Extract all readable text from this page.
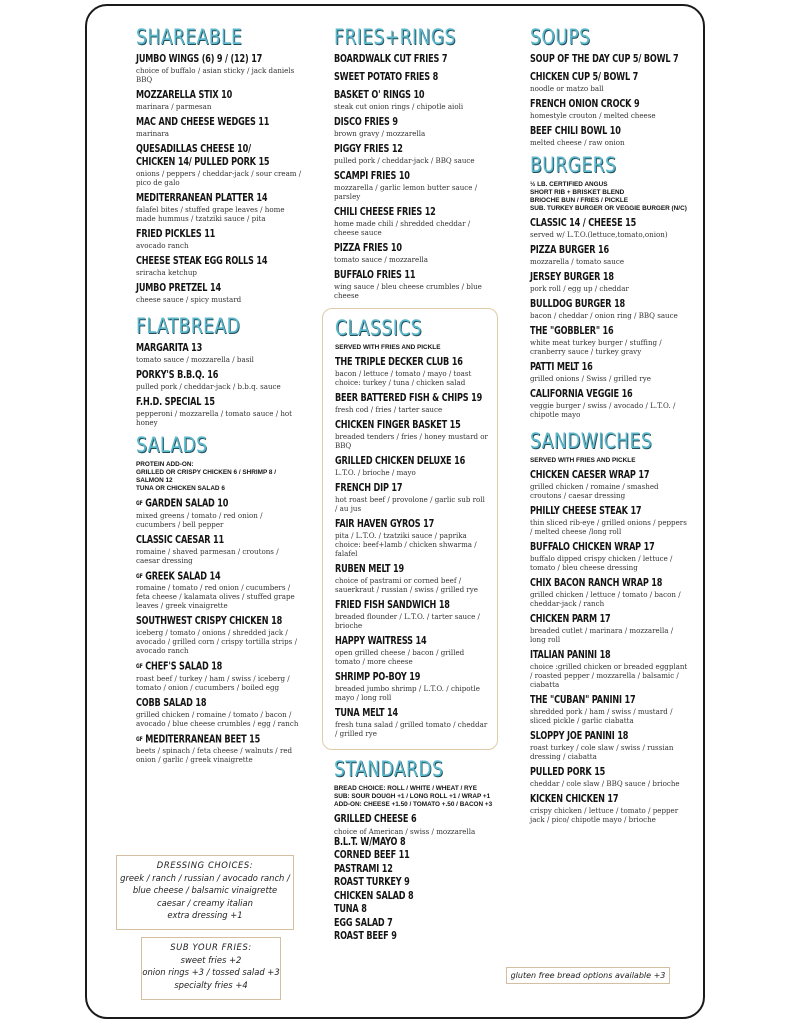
SHAREABLE
JUMBO WINGS (6) 9 / (12) 17
choice of buffalo / asian sticky / jack daniels BBQ
MOZZARELLA STIX 10
marinara / parmesan
MAC AND CHEESE WEDGES 11
marinara
QUESADILLAS CHEESE 10/
CHICKEN 14/ PULLED PORK 15
onions / peppers / cheddar-jack / sour cream / pico de galo
MEDITERRANEAN PLATTER 14
falafel bites / stuffed grape leaves / home made hummus / tzatziki sauce / pita
FRIED PICKLES 11
avocado ranch
CHEESE STEAK EGG ROLLS 14
sriracha ketchup
JUMBO PRETZEL 14
cheese sauce / spicy mustard
FLATBREAD
MARGARITA 13
tomato sauce / mozzarella / basil
PORKY'S B.B.Q. 16
pulled pork / cheddar-jack / b.b.q. sauce
F.H.D. SPECIAL 15
pepperoni / mozzarella / tomato sauce / hot honey
SALADS
PROTEIN ADD-ON:
GRILLED OR CRISPY CHICKEN 6 / SHRIMP 8 / SALMON 12
TUNA OR CHICKEN SALAD 6
GF GARDEN SALAD 10
mixed greens / tomato / red onion / cucumbers / bell pepper
CLASSIC CAESAR 11
romaine / shaved parmesan / croutons / caesar dressing
GF GREEK SALAD 14
romaine / tomato / red onion / cucumbers / feta cheese / kalamata olives / stuffed grape leaves / greek vinaigrette
SOUTHWEST CRISPY CHICKEN 18
iceberg / tomato / onions / shredded jack / avocado / grilled corn / crispy tortilla strips / avocado ranch
GF CHEF'S SALAD 18
roast beef / turkey / ham / swiss / iceberg / tomato / onion / cucumbers / boiled egg
COBB SALAD 18
grilled chicken / romaine / tomato / bacon / avocado / blue cheese crumbles / egg / ranch
GF MEDITERRANEAN BEET 15
beets / spinach / feta cheese / walnuts / red onion / garlic / greek vinaigrette
DRESSING CHOICES:
greek / ranch / russian / avocado ranch /
blue cheese / balsamic vinaigrette
caesar / creamy italian
extra dressing +1
SUB YOUR FRIES:
sweet fries +2
onion rings +3 / tossed salad +3
specialty fries +4
FRIES+RINGS
BOARDWALK CUT FRIES 7
SWEET POTATO FRIES 8
BASKET O' RINGS 10
steak cut onion rings / chipotle aioli
DISCO FRIES 9
brown gravy / mozzarella
PIGGY FRIES 12
pulled pork / cheddar-jack / BBQ sauce
SCAMPI FRIES 10
mozzarella / garlic lemon butter sauce / parsley
CHILI CHEESE FRIES 12
home made chili / shredded cheddar / cheese sauce
PIZZA FRIES 10
tomato sauce / mozzarella
BUFFALO FRIES 11
wing sauce / bleu cheese crumbles / blue cheese
CLASSICS
SERVED WITH FRIES AND PICKLE
THE TRIPLE DECKER CLUB 16
bacon / lettuce / tomato / mayo / toast choice: turkey / tuna / chicken salad
BEER BATTERED FISH & CHIPS 19
fresh cod / fries / tarter sauce
CHICKEN FINGER BASKET 15
breaded tenders / fries / honey mustard or BBQ
GRILLED CHICKEN DELUXE 16
L.T.O. / brioche / mayo
FRENCH DIP 17
hot roast beef / provolone / garlic sub roll / au jus
FAIR HAVEN GYROS 17
pita / L.T.O. / tzatziki sauce / paprika choice: beef+lamb / chicken shwarma / falafel
RUBEN MELT 19
choice of pastrami or corned beef / sauerkraut / russian / swiss / grilled rye
FRIED FISH SANDWICH 18
breaded flounder / L.T.O. / tarter sauce / brioche
HAPPY WAITRESS 14
open grilled cheese / bacon / grilled tomato / more cheese
SHRIMP PO-BOY 19
breaded jumbo shrimp / L.T.O. / chipotle mayo / long roll
TUNA MELT 14
fresh tuna salad / grilled tomato / cheddar / grilled rye
STANDARDS
BREAD CHOICE: ROLL / WHITE / WHEAT / RYE
SUB: SOUR DOUGH +1 / LONG ROLL +1 / WRAP +1
ADD-ON: CHEESE +1.50 / TOMATO +.50 / BACON +3
GRILLED CHEESE 6
choice of American / swiss / mozzarella
B.L.T. W/MAYO 8
CORNED BEEF 11
PASTRAMI 12
ROAST TURKEY 9
CHICKEN SALAD 8
TUNA 8
EGG SALAD 7
ROAST BEEF 9
SOUPS
SOUP OF THE DAY CUP 5/ BOWL 7
CHICKEN CUP 5/ BOWL 7
noodle or matzo ball
FRENCH ONION CROCK 9
homestyle crouton / melted cheese
BEEF CHILI BOWL 10
melted cheese / raw onion
BURGERS
½ LB. CERTIFIED ANGUS
SHORT RIB + BRISKET BLEND
BRIOCHE BUN / FRIES / PICKLE
SUB. TURKEY BURGER OR VEGGIE BURGER (N/C)
CLASSIC 14 / CHEESE 15
served w/ L.T.O.(lettuce,tomato,onion)
PIZZA BURGER 16
mozzarella / tomato sauce
JERSEY BURGER 18
pork roll / egg up / cheddar
BULLDOG BURGER 18
bacon / cheddar / onion ring / BBQ sauce
THE "GOBBLER" 16
white meat turkey burger / stuffing / cranberry sauce / turkey gravy
PATTI MELT 16
grilled onions / Swiss / grilled rye
CALIFORNIA VEGGIE 16
veggie burger / swiss / avocado / L.T.O. / chipotle mayo
SANDWICHES
SERVED WITH FRIES AND PICKLE
CHICKEN CAESER WRAP 17
grilled chicken / romaine / smashed croutons / caesar dressing
PHILLY CHEESE STEAK 17
thin sliced rib-eye / grilled onions / peppers / melted cheese /long roll
BUFFALO CHICKEN WRAP 17
buffalo dipped crispy chicken / lettuce / tomato / bleu cheese dressing
CHIX BACON RANCH WRAP 18
grilled chicken / lettuce / tomato / bacon / cheddar-jack / ranch
CHICKEN PARM 17
breaded cutlet / marinara / mozzarella / long roll
ITALIAN PANINI 18
choice :grilled chicken or breaded eggplant / roasted pepper / mozzarella / balsamic / ciabatta
THE "CUBAN" PANINI 17
shredded pork / ham / swiss / mustard / sliced pickle / garlic ciabatta
SLOPPY JOE PANINI 18
roast turkey / cole slaw / swiss / russian dressing / ciabatta
PULLED PORK 15
cheddar / cole slaw / BBQ sauce / brioche
KICKEN CHICKEN 17
crispy chicken / lettuce / tomato / pepper jack / pico/ chipotle mayo / brioche
gluten free bread options available +3
